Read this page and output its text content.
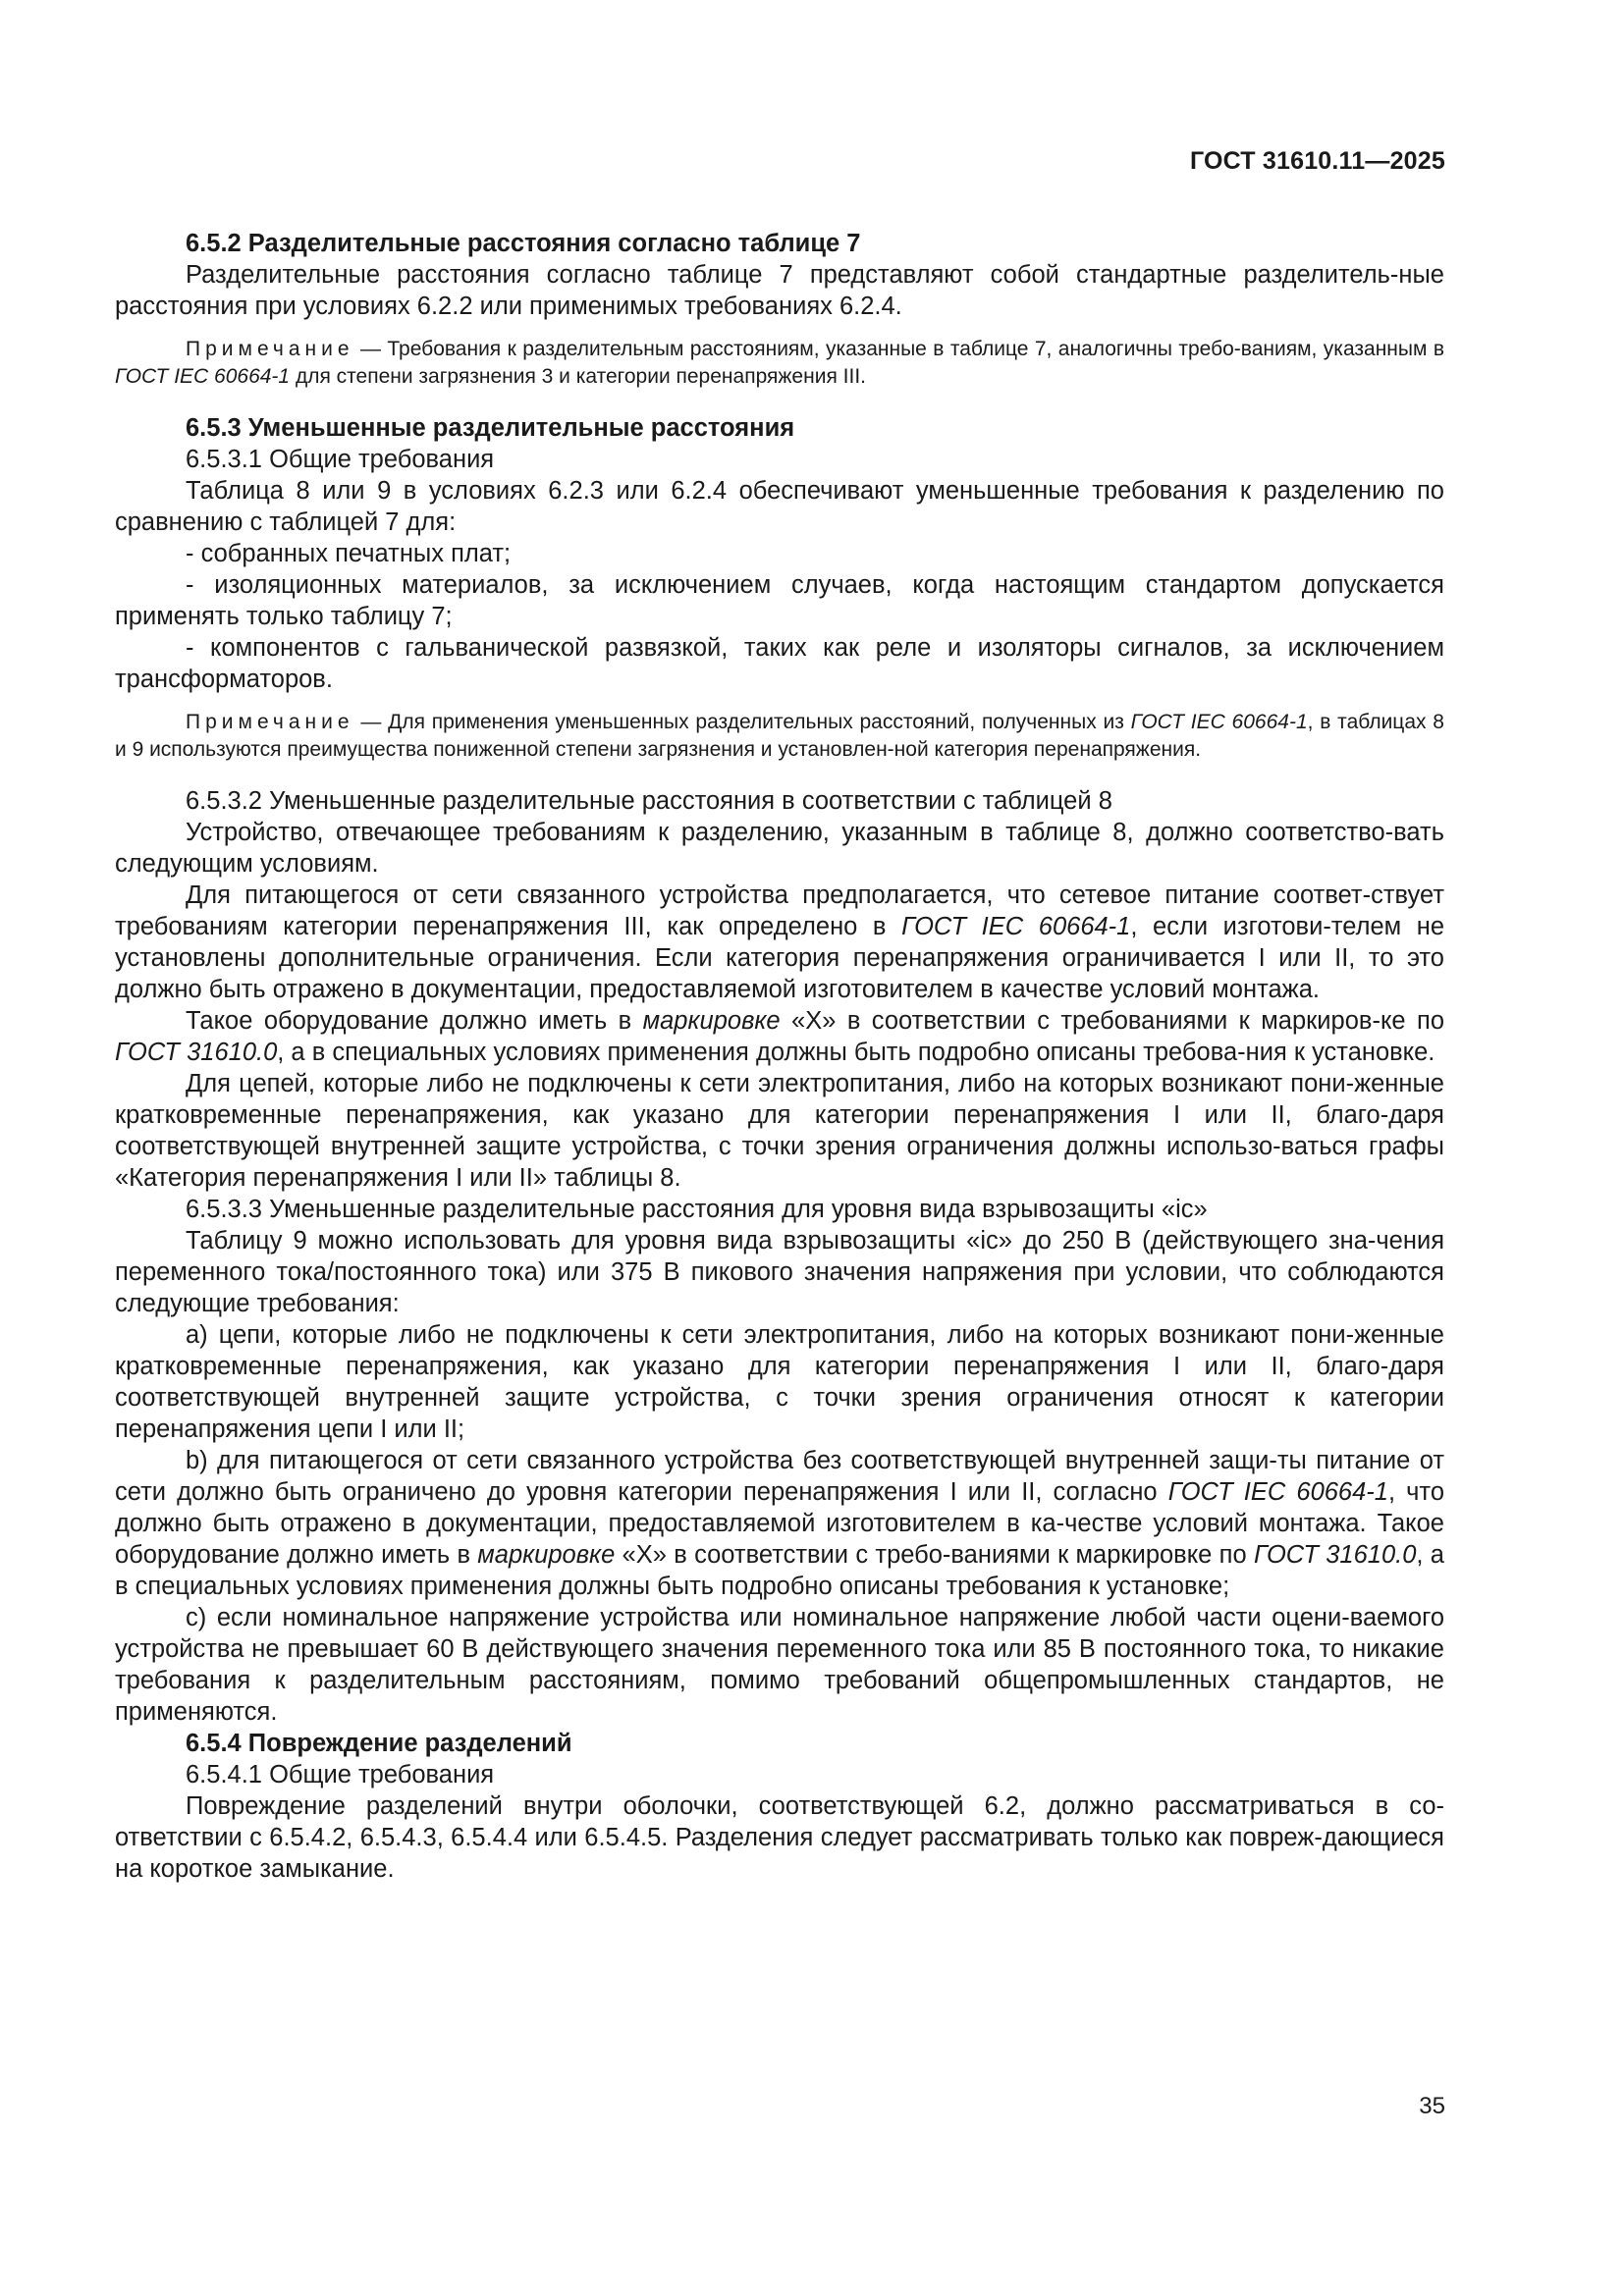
ГОСТ 31610.11—2025

6.5.2 Разделительные расстояния согласно таблице 7

Разделительные расстояния согласно таблице 7 представляют собой стандартные разделитель-ные расстояния при условиях 6.2.2 или применимых требованиях 6.2.4.

Примечание — Требования к разделительным расстояниям, указанные в таблице 7, аналогичны требо-ваниям, указанным в ГОСТ IEC 60664-1 для степени загрязнения 3 и категории перенапряжения III.

6.5.3 Уменьшенные разделительные расстояния

6.5.3.1 Общие требования

Таблица 8 или 9 в условиях 6.2.3 или 6.2.4 обеспечивают уменьшенные требования к разделению по сравнению с таблицей 7 для:

- собранных печатных плат;

- изоляционных материалов, за исключением случаев, когда настоящим стандартом допускается применять только таблицу 7;

- компонентов с гальванической развязкой, таких как реле и изоляторы сигналов, за исключением трансформаторов.

Примечание — Для применения уменьшенных разделительных расстояний, полученных из ГОСТ IEC 60664-1, в таблицах 8 и 9 используются преимущества пониженной степени загрязнения и установлен-ной категория перенапряжения.

6.5.3.2 Уменьшенные разделительные расстояния в соответствии с таблицей 8

Устройство, отвечающее требованиям к разделению, указанным в таблице 8, должно соответство-вать следующим условиям.

Для питающегося от сети связанного устройства предполагается, что сетевое питание соответ-ствует требованиям категории перенапряжения III, как определено в ГОСТ IEC 60664-1, если изготови-телем не установлены дополнительные ограничения. Если категория перенапряжения ограничивается I или II, то это должно быть отражено в документации, предоставляемой изготовителем в качестве условий монтажа.

Такое оборудование должно иметь в маркировке «X» в соответствии с требованиями к маркиров-ке по ГОСТ 31610.0, а в специальных условиях применения должны быть подробно описаны требова-ния к установке.

Для цепей, которые либо не подключены к сети электропитания, либо на которых возникают пони-женные кратковременные перенапряжения, как указано для категории перенапряжения I или II, благо-даря соответствующей внутренней защите устройства, с точки зрения ограничения должны использо-ваться графы «Категория перенапряжения I или II» таблицы 8.

6.5.3.3 Уменьшенные разделительные расстояния для уровня вида взрывозащиты «ic»

Таблицу 9 можно использовать для уровня вида взрывозащиты «ic» до 250 В (действующего зна-чения переменного тока/постоянного тока) или 375 В пикового значения напряжения при условии, что соблюдаются следующие требования:

а) цепи, которые либо не подключены к сети электропитания, либо на которых возникают пони-женные кратковременные перенапряжения, как указано для категории перенапряжения I или II, благо-даря соответствующей внутренней защите устройства, с точки зрения ограничения относят к категории перенапряжения цепи I или II;

b) для питающегося от сети связанного устройства без соответствующей внутренней защи-ты питание от сети должно быть ограничено до уровня категории перенапряжения I или II, согласно ГОСТ IEC 60664-1, что должно быть отражено в документации, предоставляемой изготовителем в ка-честве условий монтажа. Такое оборудование должно иметь в маркировке «X» в соответствии с требо-ваниями к маркировке по ГОСТ 31610.0, а в специальных условиях применения должны быть подробно описаны требования к установке;

c) если номинальное напряжение устройства или номинальное напряжение любой части оцени-ваемого устройства не превышает 60 В действующего значения переменного тока или 85 В постоянного тока, то никакие требования к разделительным расстояниям, помимо требований общепромышленных стандартов, не применяются.

6.5.4 Повреждение разделений

6.5.4.1 Общие требования

Повреждение разделений внутри оболочки, соответствующей 6.2, должно рассматриваться в со-ответствии с 6.5.4.2, 6.5.4.3, 6.5.4.4 или 6.5.4.5. Разделения следует рассматривать только как повреж-дающиеся на короткое замыкание.

35
